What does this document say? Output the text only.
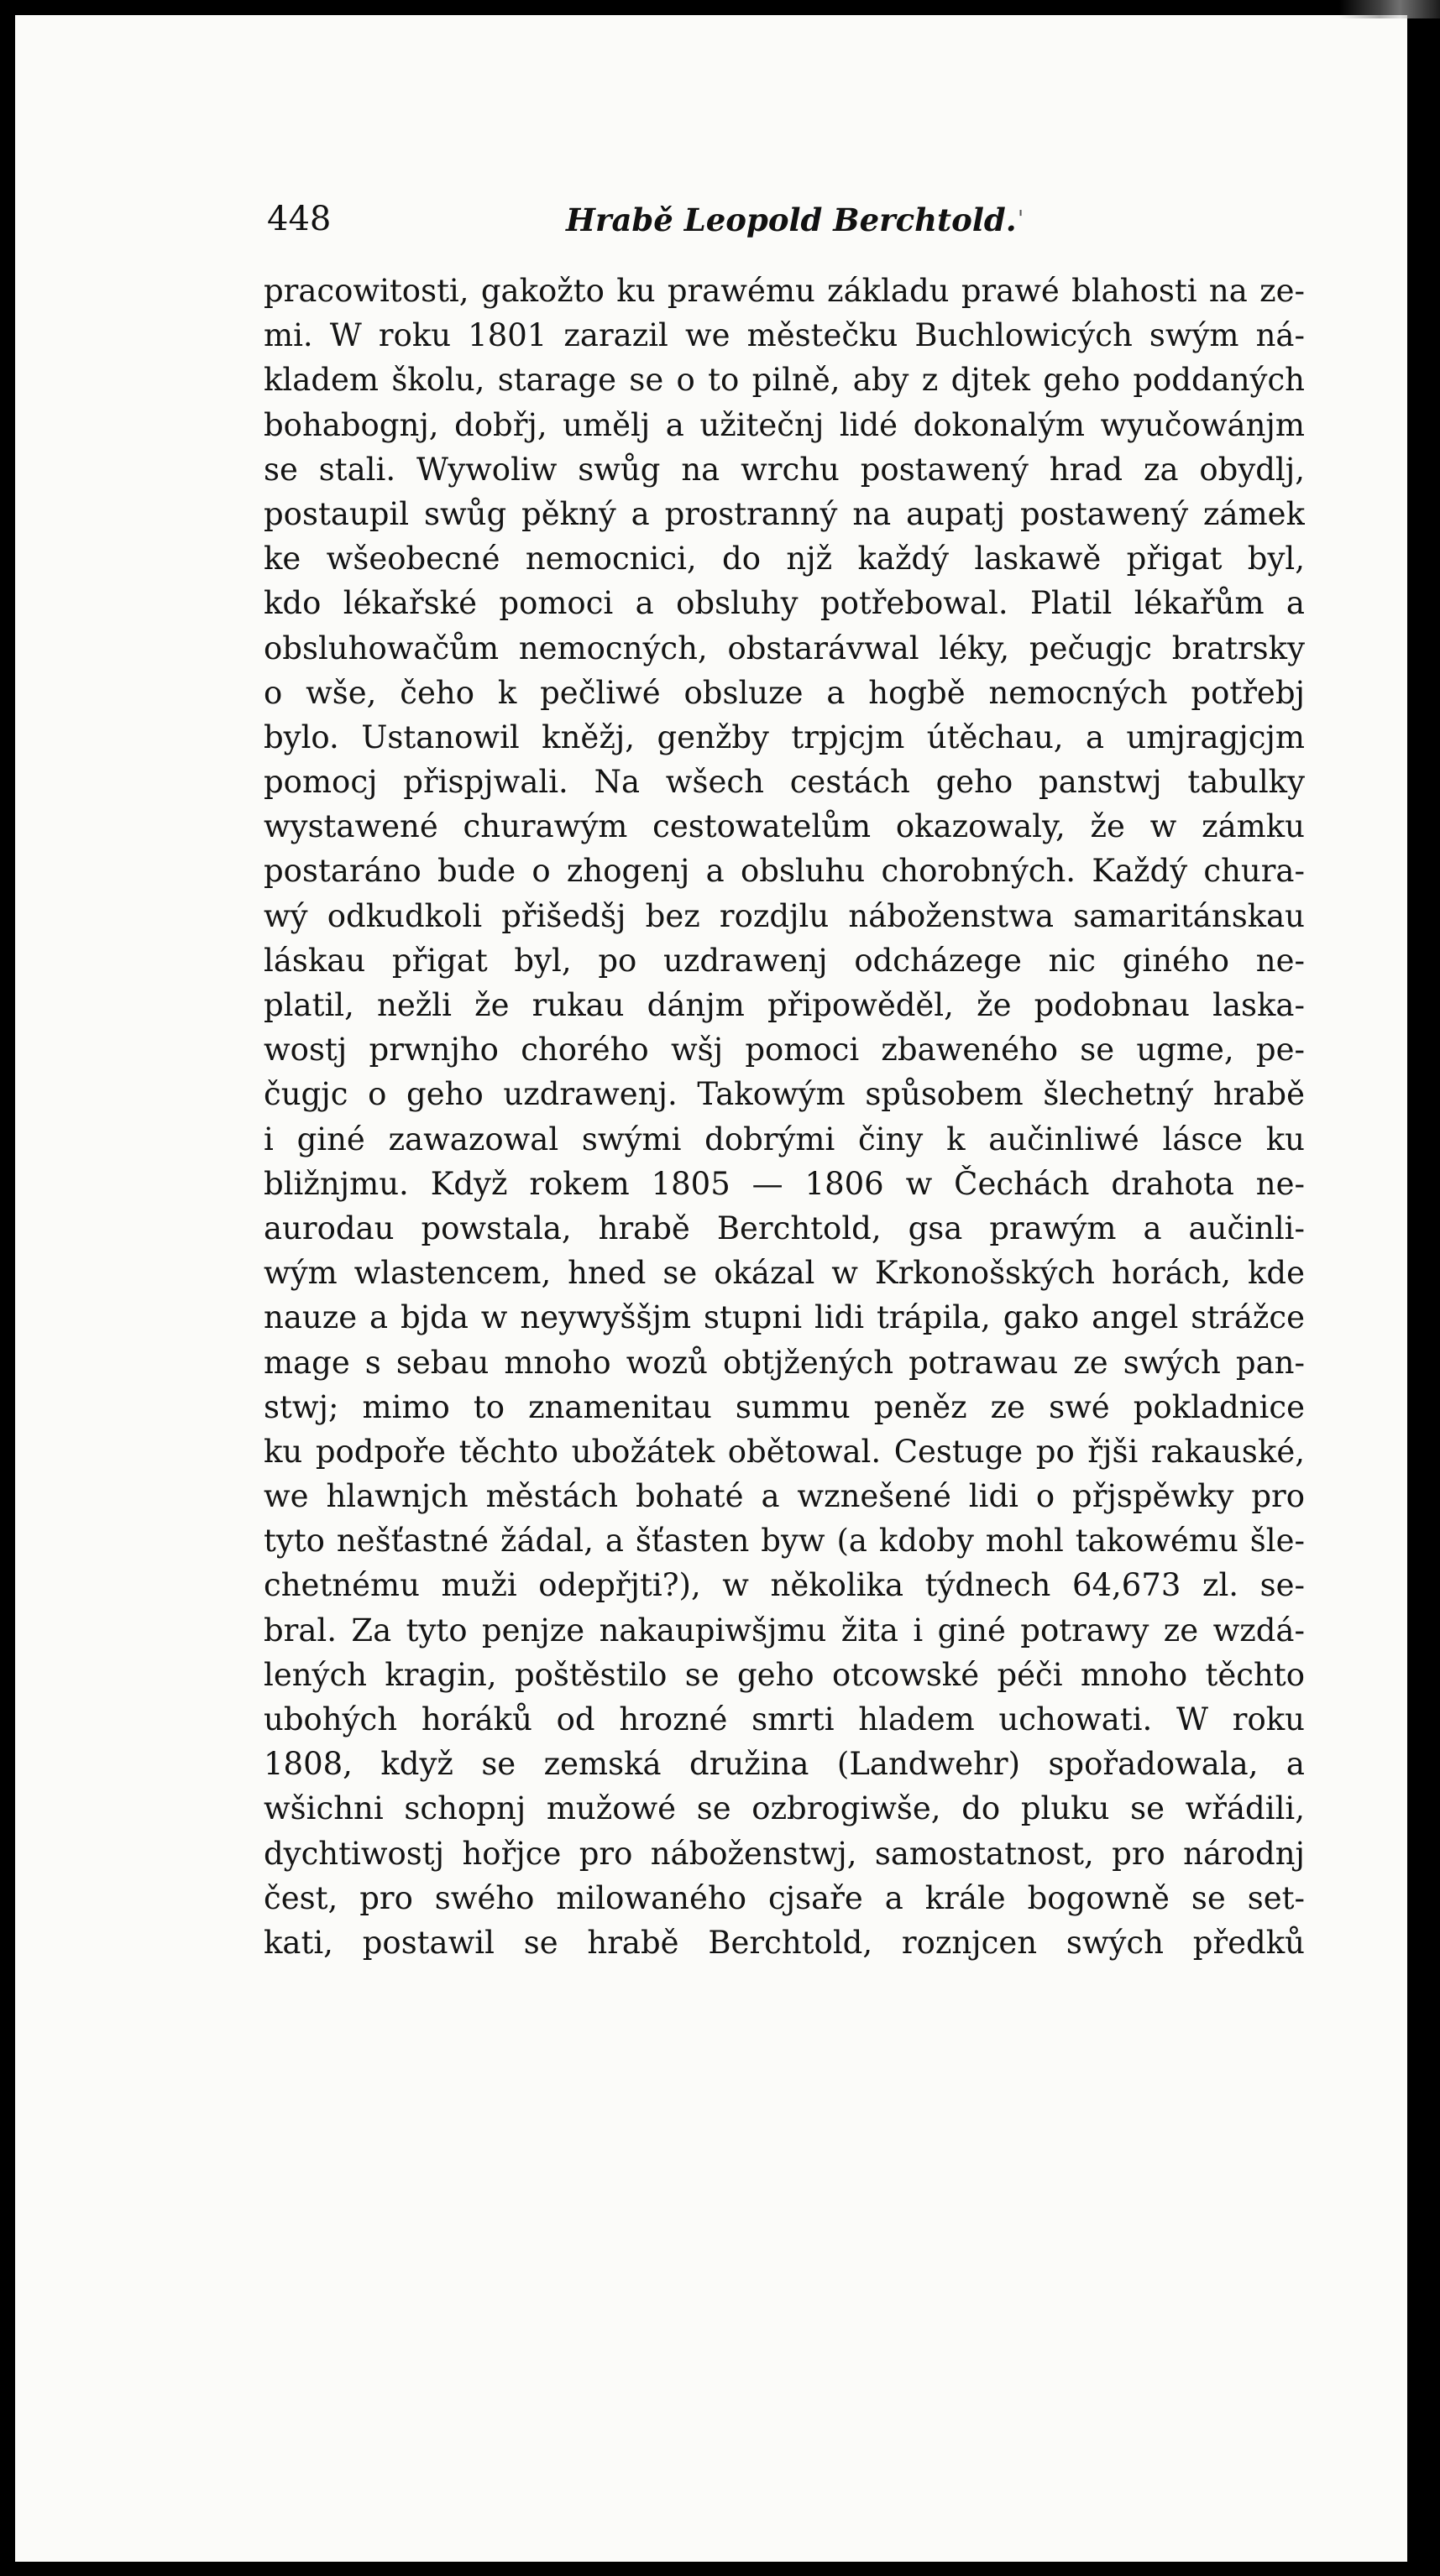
448	Hrabě Leopold Berchtold. '
pracowitosti, gakožto ku prawému základu prawé blahosti na ze-
mi. W roku 1801 zarazil we městečku Buchlowicých swým ná-
kladem školu, starage se o to pilně, aby z djtek geho poddaných
bohabognj, dobřj, umělj a užitečnj lidé dokonalým wyučowánjm
se stali. Wywoliw swůg na wrchu postawený hrad za obydlj,
postaupil swůg pěkný a prostranný na aupatj postawený zámek
ke wšeobecné nemocnici, do njž každý laskawě přigat byl,
kdo lékařské pomoci a obsluhy potřebowal. Platil lékařům a
obsluhowačům nemocných, obstarávwal léky, pečugjc bratrsky
o wše, čeho k pečliwé obsluze a hogbě nemocných potřebj
bylo. Ustanowil kněžj, genžby trpjcjm útěchau, a umjragjcjm
pomocj přispjwali. Na wšech cestách geho panstwj tabulky
wystawené churawým cestowatelům okazowaly, že w zámku
postaráno bude o zhogenj a obsluhu chorobných. Každý chura-
wý odkudkoli přišedšj bez rozdjlu náboženstwa samaritánskau
láskau přigat byl, po uzdrawenj odcházege nic giného ne-
platil, nežli že rukau dánjm připowěděl, že podobnau laska-
wostj prwnjho chorého wšj pomoci zbaweného se ugme, pe-
čugjc o geho uzdrawenj. Takowým spůsobem šlechetný hrabě
i giné zawazowal swými dobrými činy k aučinliwé lásce ku
bližnjmu. Když rokem 1805 — 1806 w Čechách drahota ne-
aurodau powstala, hrabě Berchtold, gsa prawým a aučinli-
wým wlastencem, hned se okázal w Krkonošských horách, kde
nauze a bjda w neywyššjm stupni lidi trápila, gako angel strážce
mage s sebau mnoho wozů obtjžených potrawau ze swých pan-
stwj; mimo to znamenitau summu peněz ze swé pokladnice
ku podpoře těchto ubožátek obětowal. Cestuge po řjši rakauské,
we hlawnjch městách bohaté a wznešené lidi o přjspěwky pro
tyto nešťastné žádal, a šťasten byw (a kdoby mohl takowému šle-
chetnému muži odepřjti?), w několika týdnech 64,673 zl. se-
bral. Za tyto penjze nakaupiwšjmu žita i giné potrawy ze wzdá-
lených kragin, poštěstilo se geho otcowské péči mnoho těchto
ubohých horáků od hrozné smrti hladem uchowati. W roku
1808, když se zemská družina (Landwehr) spořadowala, a
wšichni schopnj mužowé se ozbrogiwše, do pluku se wřádili,
dychtiwostj hořjce pro náboženstwj, samostatnost, pro národnj
čest, pro swého milowaného cjsaře a krále bogowně se set-
kati, postawil se hrabě Berchtold, roznjcen swých předků
